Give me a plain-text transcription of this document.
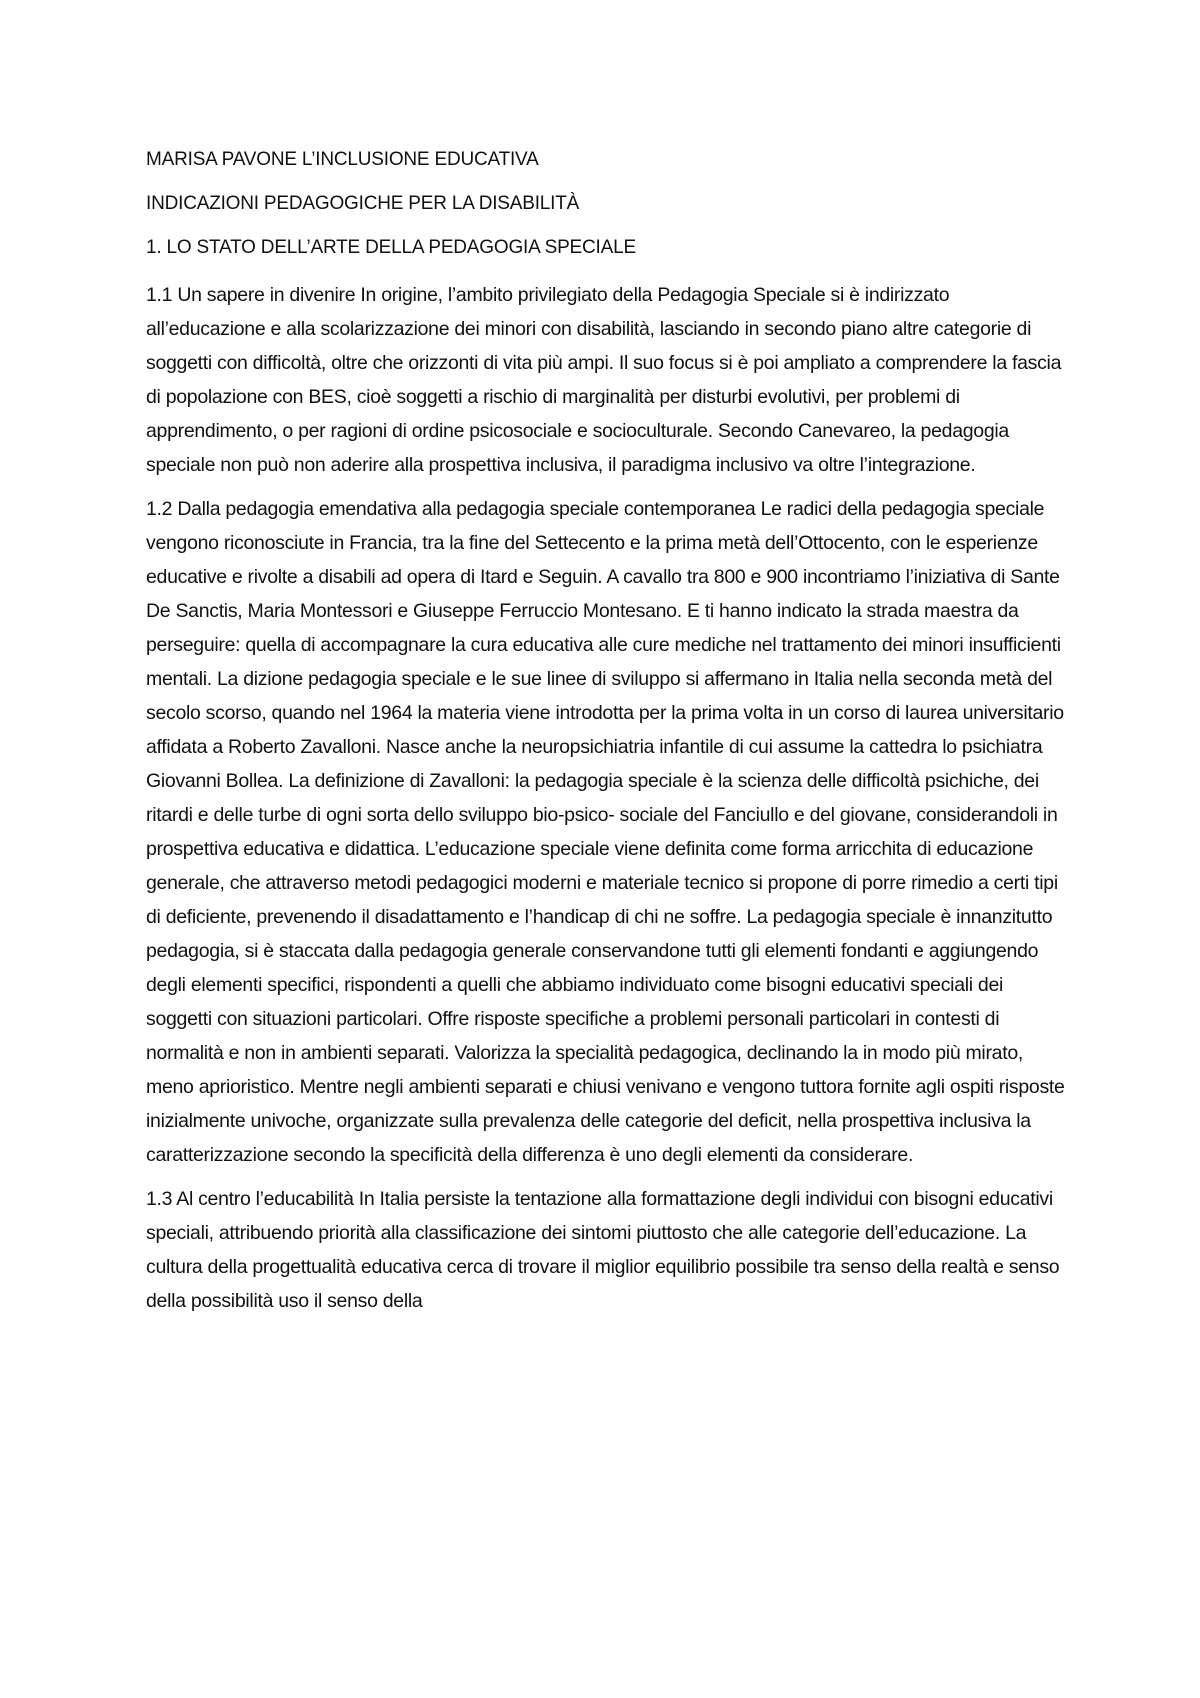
MARISA PAVONE L’INCLUSIONE EDUCATIVA

INDICAZIONI PEDAGOGICHE PER LA DISABILITÀ

1. LO STATO DELL’ARTE DELLA PEDAGOGIA SPECIALE

1.1 Un sapere in divenire In origine, l’ambito privilegiato della Pedagogia Speciale si è indirizzato all’educazione e alla scolarizzazione dei minori con disabilità, lasciando in secondo piano altre categorie di soggetti con difficoltà, oltre che orizzonti di vita più ampi. Il suo focus si è poi ampliato a comprendere la fascia di popolazione con BES, cioè soggetti a rischio di marginalità per disturbi evolutivi, per problemi di apprendimento, o per ragioni di ordine psicosociale e socioculturale. Secondo Canevareo, la pedagogia speciale non può non aderire alla prospettiva inclusiva, il paradigma inclusivo va oltre l’integrazione.

1.2 Dalla pedagogia emendativa alla pedagogia speciale contemporanea Le radici della pedagogia speciale vengono riconosciute in Francia, tra la fine del Settecento e la prima metà dell’Ottocento, con le esperienze educative e rivolte a disabili ad opera di Itard e Seguin. A cavallo tra 800 e 900 incontriamo l’iniziativa di Sante De Sanctis, Maria Montessori e Giuseppe Ferruccio Montesano. E ti hanno indicato la strada maestra da perseguire: quella di accompagnare la cura educativa alle cure mediche nel trattamento dei minori insufficienti mentali. La dizione pedagogia speciale e le sue linee di sviluppo si affermano in Italia nella seconda metà del secolo scorso, quando nel 1964 la materia viene introdotta per la prima volta in un corso di laurea universitario affidata a Roberto Zavalloni. Nasce anche la neuropsichiatria infantile di cui assume la cattedra lo psichiatra Giovanni Bollea. La definizione di Zavalloni: la pedagogia speciale è la scienza delle difficoltà psichiche, dei ritardi e delle turbe di ogni sorta dello sviluppo bio-psico- sociale del Fanciullo e del giovane, considerandoli in prospettiva educativa e didattica. L’educazione speciale viene definita come forma arricchita di educazione generale, che attraverso metodi pedagogici moderni e materiale tecnico si propone di porre rimedio a certi tipi di deficiente, prevenendo il disadattamento e l’handicap di chi ne soffre. La pedagogia speciale è innanzitutto pedagogia, si è staccata dalla pedagogia generale conservandone tutti gli elementi fondanti e aggiungendo degli elementi specifici, rispondenti a quelli che abbiamo individuato come bisogni educativi speciali dei soggetti con situazioni particolari. Offre risposte specifiche a problemi personali particolari in contesti di normalità e non in ambienti separati. Valorizza la specialità pedagogica, declinando la in modo più mirato, meno aprioristico. Mentre negli ambienti separati e chiusi venivano e vengono tuttora fornite agli ospiti risposte inizialmente univoche, organizzate sulla prevalenza delle categorie del deficit, nella prospettiva inclusiva la caratterizzazione secondo la specificità della differenza è uno degli elementi da considerare.

1.3 Al centro l’educabilità In Italia persiste la tentazione alla formattazione degli individui con bisogni educativi speciali, attribuendo priorità alla classificazione dei sintomi piuttosto che alle categorie dell’educazione. La cultura della progettualità educativa cerca di trovare il miglior equilibrio possibile tra senso della realtà e senso della possibilità uso il senso della
